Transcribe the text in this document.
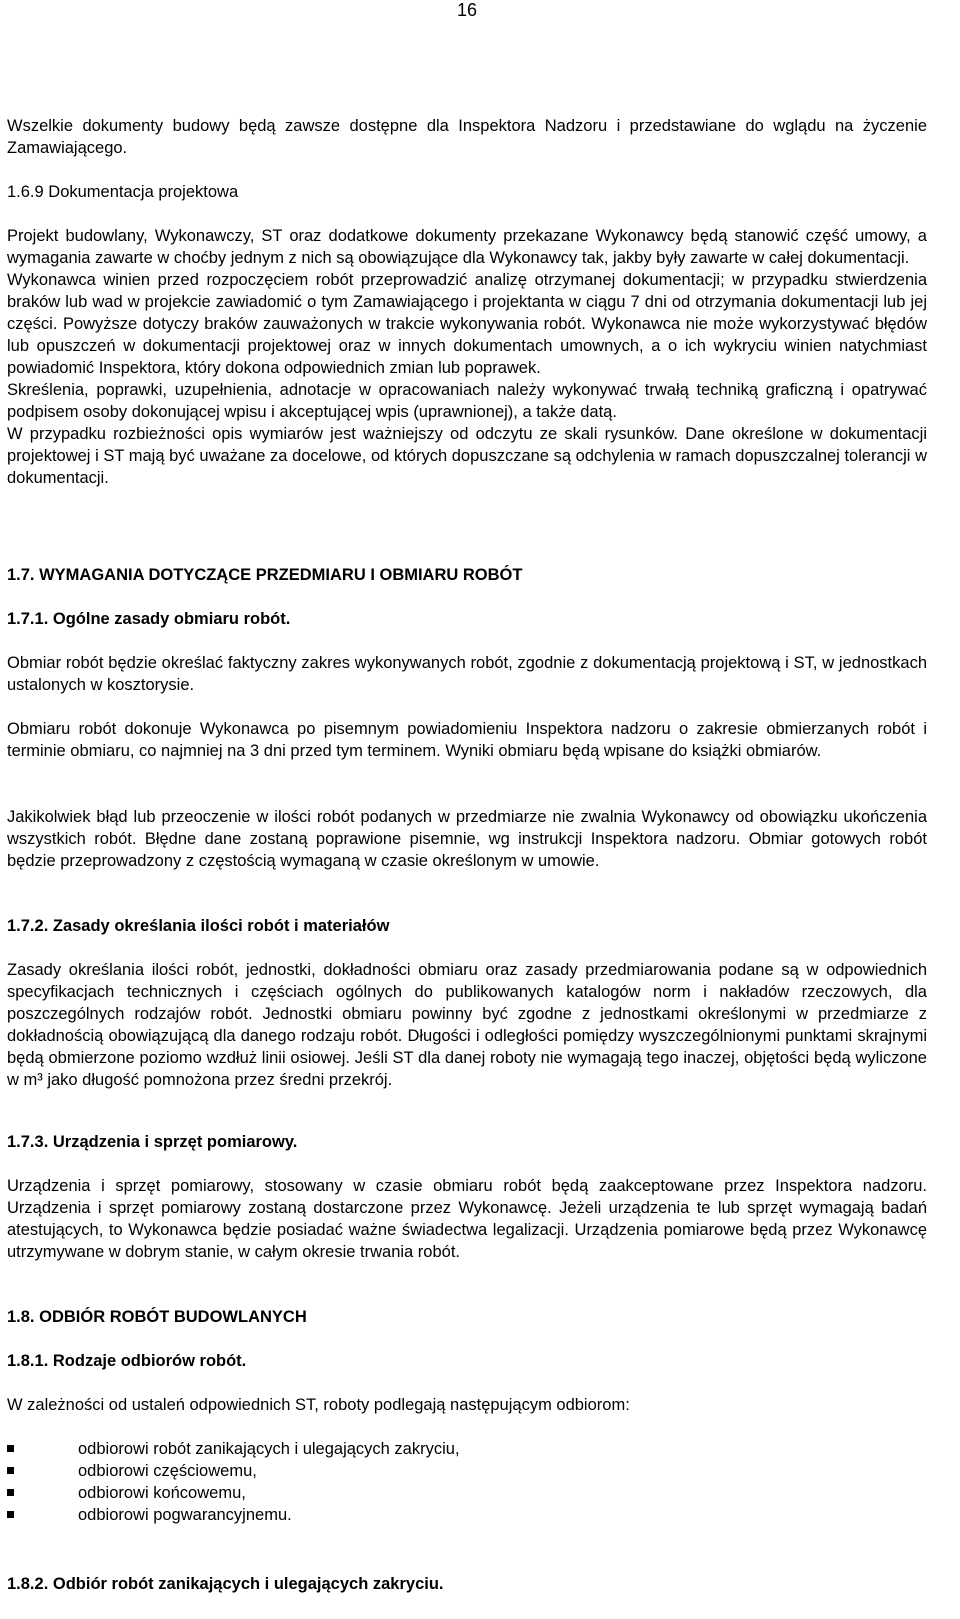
16

Wszelkie dokumenty budowy będą zawsze dostępne dla Inspektora Nadzoru i przedstawiane do wglądu na życzenie Zamawiającego.

1.6.9 Dokumentacja projektowa

Projekt budowlany, Wykonawczy, ST oraz dodatkowe dokumenty przekazane Wykonawcy będą stanowić część umowy, a wymagania zawarte w choćby jednym z nich są obowiązujące dla Wykonawcy tak, jakby były zawarte w całej dokumentacji.

Wykonawca winien przed rozpoczęciem robót przeprowadzić analizę otrzymanej dokumentacji; w przypadku stwierdzenia braków lub wad w projekcie zawiadomić o tym Zamawiającego i projektanta w ciągu 7 dni od otrzymania dokumentacji lub jej części. Powyższe dotyczy braków zauważonych w trakcie wykonywania robót. Wykonawca nie może wykorzystywać błędów lub opuszczeń w dokumentacji projektowej oraz w innych dokumentach umownych, a o ich wykryciu winien natychmiast powiadomić Inspektora, który dokona odpowiednich zmian lub poprawek.

Skreślenia, poprawki, uzupełnienia, adnotacje w opracowaniach należy wykonywać trwałą techniką graficzną i opatrywać podpisem osoby dokonującej wpisu i akceptującej wpis (uprawnionej), a także datą.

W przypadku rozbieżności opis wymiarów jest ważniejszy od odczytu ze skali rysunków. Dane określone w dokumentacji projektowej i ST mają być uważane za docelowe, od których dopuszczane są odchylenia w ramach dopuszczalnej tolerancji w dokumentacji.

1.7. WYMAGANIA DOTYCZĄCE PRZEDMIARU I OBMIARU ROBÓT

1.7.1. Ogólne zasady obmiaru robót.

Obmiar robót będzie określać faktyczny zakres wykonywanych robót, zgodnie z dokumentacją projektową i ST, w jednostkach ustalonych w kosztorysie.

Obmiaru robót dokonuje Wykonawca po pisemnym powiadomieniu Inspektora nadzoru o zakresie obmierzanych robót i terminie obmiaru, co najmniej na 3 dni przed tym terminem. Wyniki obmiaru będą wpisane do książki obmiarów.

Jakikolwiek błąd lub przeoczenie w ilości robót podanych w przedmiarze nie zwalnia Wykonawcy od obowiązku ukończenia wszystkich robót. Błędne dane zostaną poprawione pisemnie, wg instrukcji Inspektora nadzoru. Obmiar gotowych robót będzie przeprowadzony z częstością wymaganą w czasie określonym w umowie.

1.7.2. Zasady określania ilości robót i materiałów

Zasady określania ilości robót, jednostki, dokładności obmiaru oraz zasady przedmiarowania podane są w odpowiednich specyfikacjach technicznych i częściach ogólnych do publikowanych katalogów norm i nakładów rzeczowych, dla poszczególnych rodzajów robót. Jednostki obmiaru powinny być zgodne z jednostkami określonymi w przedmiarze z dokładnością obowiązującą dla danego rodzaju robót. Długości i odległości pomiędzy wyszczególnionymi punktami skrajnymi będą obmierzone poziomo wzdłuż linii osiowej. Jeśli ST dla danej roboty nie wymagają tego inaczej, objętości będą wyliczone w m³ jako długość pomnożona przez średni przekrój.

1.7.3. Urządzenia i sprzęt pomiarowy.

Urządzenia i sprzęt pomiarowy, stosowany w czasie obmiaru robót będą zaakceptowane przez Inspektora nadzoru. Urządzenia i sprzęt pomiarowy zostaną dostarczone przez Wykonawcę. Jeżeli urządzenia te lub sprzęt wymagają badań atestujących, to Wykonawca będzie posiadać ważne świadectwa legalizacji. Urządzenia pomiarowe będą przez Wykonawcę utrzymywane w dobrym stanie, w całym okresie trwania robót.

1.8. ODBIÓR ROBÓT BUDOWLANYCH

1.8.1. Rodzaje odbiorów robót.

W zależności od ustaleń odpowiednich ST, roboty podlegają następującym odbiorom:

odbiorowi robót zanikających i ulegających zakryciu,
odbiorowi częściowemu,
odbiorowi końcowemu,
odbiorowi pogwarancyjnemu.

1.8.2. Odbiór robót zanikających i ulegających zakryciu.
